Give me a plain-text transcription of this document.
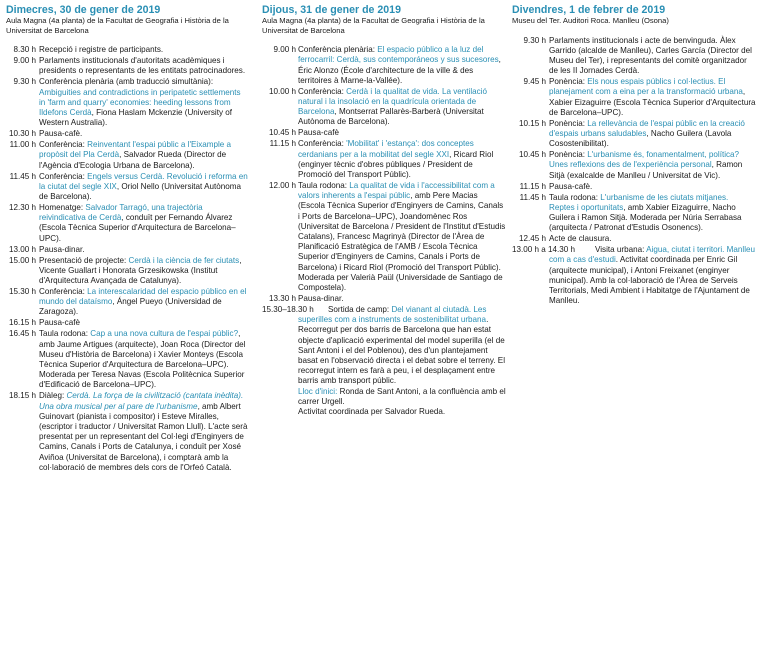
Dimecres, 30 de gener de 2019
Aula Magna (4a planta) de la Facultat de Geografia i Història de la Universitat de Barcelona
8.30 h Recepció i registre de participants.
9.00 h Parlaments institucionals d'autoritats acadèmiques i presidents o representants de les entitats patrocinadores.
9.30 h Conferència plenària (amb traducció simultània): Ambiguities and contradictions in peripatetic settlements in 'farm and quarry' economies: heeding lessons from Ildefons Cerdà, Fiona Haslam Mckenzie (University of Western Australia).
10.30 h Pausa-cafè.
11.00 h Conferència: Reinventant l'espai públic a l'Eixample a propòsit del Pla Cerdà, Salvador Rueda (Director de l'Agència d'Ecologia Urbana de Barcelona).
11.45 h Conferència: Engels versus Cerdà. Revolució i reforma en la ciutat del segle XIX, Oriol Nello (Universitat Autònoma de Barcelona).
12.30 h Homenatge: Salvador Tarragó, una trajectòria reivindicativa de Cerdà, conduït per Fernando Álvarez (Escola Tècnica Superior d'Arquitectura de Barcelona–UPC).
13.00 h Pausa-dinar.
15.00 h Presentació de projecte: Cerdà i la ciència de fer ciutats, Vicente Guallart i Honorata Grzesikowska (Institut d'Arquitectura Avançada de Catalunya).
15.30 h Conferència: La interescalaridad del espacio público en el mundo del dataísmo, Ángel Pueyo (Universidad de Zaragoza).
16.15 h Pausa-cafè
16.45 h Taula rodona: Cap a una nova cultura de l'espai públic?, amb Jaume Artigues (arquitecte), Joan Roca (Director del Museu d'Història de Barcelona) i Xavier Monteys (Escola Tècnica Superior d'Arquitectura de Barcelona–UPC). Moderada per Teresa Navas (Escola Politècnica Superior d'Edificació de Barcelona–UPC).
18.15 h Diàleg: Cerdà. La força de la civilització (cantata inèdita). Una obra musical per al pare de l'urbanisme, amb Albert Guinovart (pianista i compositor) i Esteve Miralles, (escriptor i traductor / Universitat Ramon Llull). L'acte serà presentat per un representant del Col·legi d'Enginyers de Camins, Canals i Ports de Catalunya, i conduït per Xosé Aviñoa (Universitat de Barcelona), i comptarà amb la col·laboració de membres dels cors de l'Orfeó Català.
Dijous, 31 de gener de 2019
Aula Magna (4a planta) de la Facultat de Geografia i Història de la Universitat de Barcelona
9.00 h Conferència plenària: El espacio público a la luz del ferrocarril: Cerdà, sus contemporáneos y sus sucesores, Éric Alonzo (École d'architecture de la ville & des territoires à Marne-la-Vallée).
10.00 h Conferència: Cerdà i la qualitat de vida. La ventilació natural i la insolació en la quadrícula orientada de Barcelona, Montserrat Pallarès-Barberà (Universitat Autònoma de Barcelona).
10.45 h Pausa-cafè
11.15 h Conferència: 'Mobilitat' i 'estança': dos conceptes cerdanians per a la mobilitat del segle XXI, Ricard Riol (enginyer tècnic d'obres públiques / President de Promoció del Transport Públic).
12.00 h Taula rodona: La qualitat de vida i l'accessibilitat com a valors inherents a l'espai públic, amb Pere Macias (Escola Tècnica Superior d'Enginyers de Camins, Canals i Ports de Barcelona–UPC), Joandomènec Ros (Universitat de Barcelona / President de l'Institut d'Estudis Catalans), Francesc Magrinyà (Director de l'Àrea de Planificació Estratègica de l'AMB / Escola Tècnica Superior d'Enginyers de Camins, Canals i Ports de Barcelona) i Ricard Riol (Promoció del Transport Públic). Moderada per Valerià Paül (Universidade de Santiago de Compostela).
13.30 h Pausa-dinar.
15.30–18.30 h	Sortida de camp: Del vianant al ciutadà. Les superilles com a instruments de sostenibilitat urbana. Recorregut per dos barris de Barcelona que han estat objecte d'aplicació experimental del model superilla (el de Sant Antoni i el del Poblenou), des d'un plantejament basat en l'observació directa i el debat sobre el terreny. El recorregut intern es farà a peu, i el desplaçament entre barris amb transport públic.
Lloc d'inici: Ronda de Sant Antoni, a la confluència amb el carrer Urgell.
Activitat coordinada per Salvador Rueda.
Divendres, 1 de febrer de 2019
Museu del Ter. Auditori Roca. Manlleu (Osona)
9.30 h Parlaments institucionals i acte de benvinguda. Àlex Garrido (alcalde de Manlleu), Carles García (Director del Museu del Ter), i representants del comitè organitzador de les II Jornades Cerdà.
9.45 h Ponència: Els nous espais públics i col·lectius. El planejament com a eina per a la transformació urbana, Xabier Eizaguirre (Escola Tècnica Superior d'Arquitectura de Barcelona–UPC).
10.15 h Ponència: La rellevància de l'espai públic en la creació d'espais urbans saludables, Nacho Guilera (Lavola Cosostenibilitat).
10.45 h Ponència: L'urbanisme és, fonamentalment, política? Unes reflexions des de l'experiència personal, Ramon Sitjà (exalcalde de Manlleu / Universitat de Vic).
11.15 h Pausa-cafè.
11.45 h Taula rodona: L'urbanisme de les ciutats mitjanes. Reptes i oportunitats, amb Xabier Eizaguirre, Nacho Guilera i Ramon Sitjà. Moderada per Núria Serrabasa (arquitecta / Patronat d'Estudis Osonencs).
12.45 h Acte de clausura.
13.00 h a 14.30 h	Visita urbana: Aigua, ciutat i territori. Manlleu com a cas d'estudi. Activitat coordinada per Enric Gil (arquitecte municipal), i Antoni Freixanet (enginyer municipal). Amb la col·laboració de l'Àrea de Serveis Territorials, Medi Ambient i Habitatge de l'Ajuntament de Manlleu.
